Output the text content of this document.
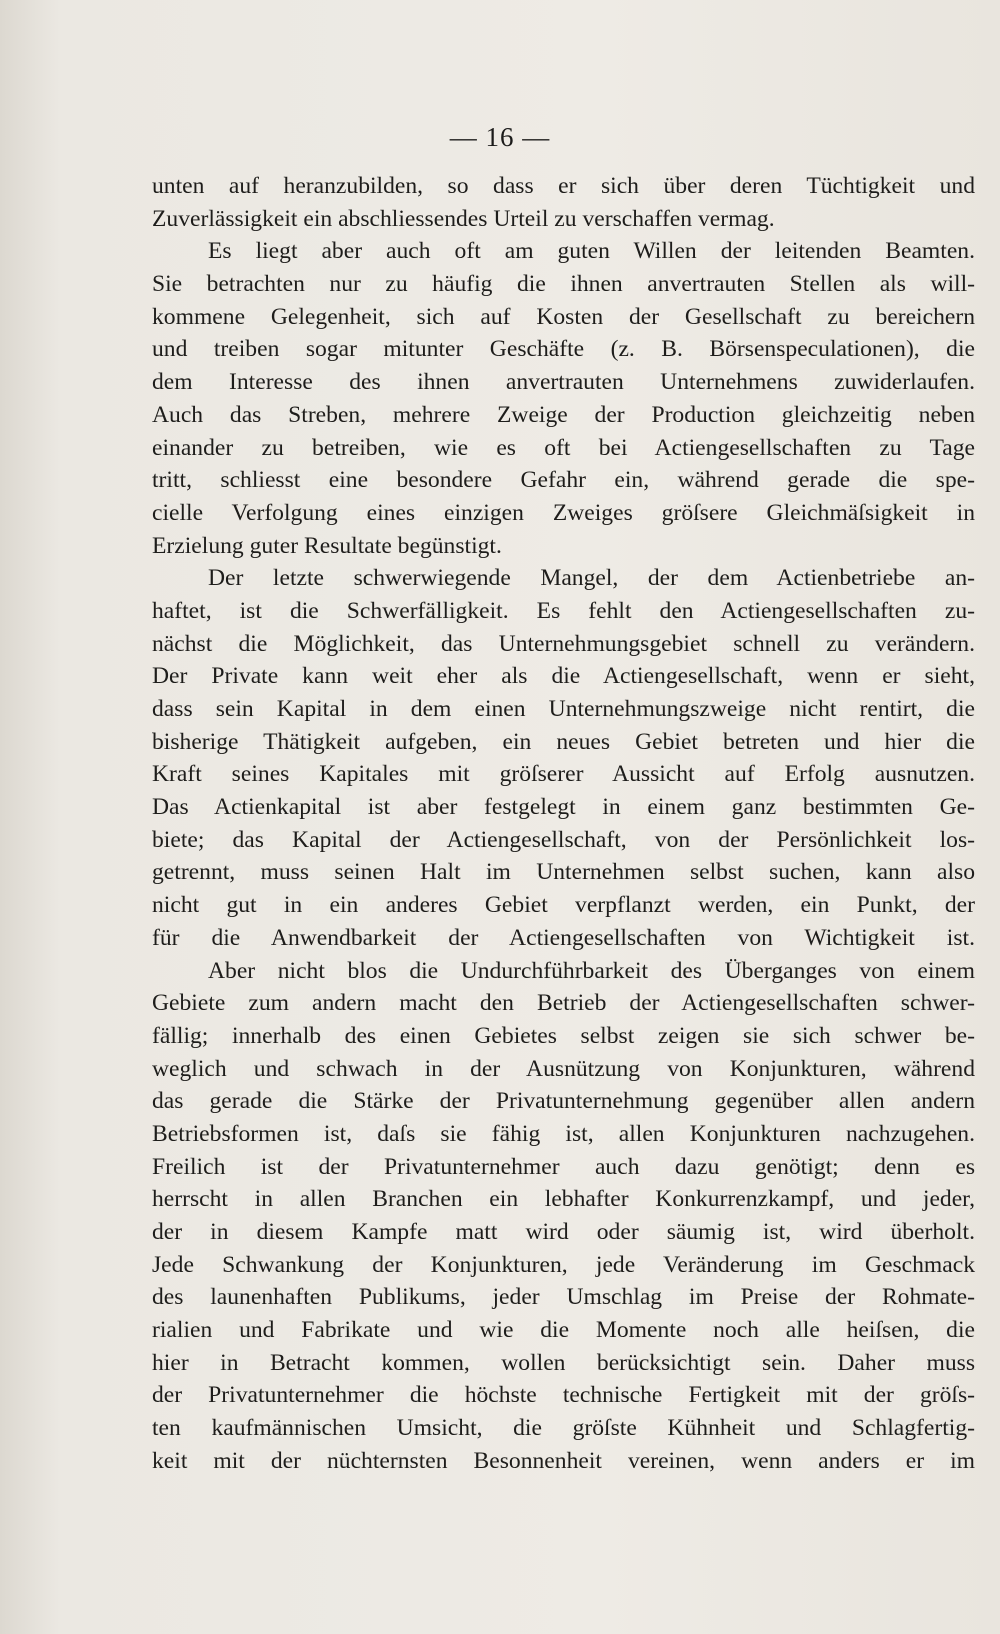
— 16 —
unten auf heranzubilden, so dass er sich über deren Tüchtigkeit und
Zuverlässigkeit ein abschliessendes Urteil zu verschaffen vermag.
Es liegt aber auch oft am guten Willen der leitenden Beamten.
Sie betrachten nur zu häufig die ihnen anvertrauten Stellen als will-
kommene Gelegenheit, sich auf Kosten der Gesellschaft zu bereichern
und treiben sogar mitunter Geschäfte (z. B. Börsenspeculationen), die
dem Interesse des ihnen anvertrauten Unternehmens zuwiderlaufen.
Auch das Streben, mehrere Zweige der Production gleichzeitig neben
einander zu betreiben, wie es oft bei Actiengesellschaften zu Tage
tritt, schliesst eine besondere Gefahr ein, während gerade die spe-
cielle Verfolgung eines einzigen Zweiges gröſsere Gleichmäſsigkeit in
Erzielung guter Resultate begünstigt.
Der letzte schwerwiegende Mangel, der dem Actienbetriebe an-
haftet, ist die Schwerfälligkeit. Es fehlt den Actiengesellschaften zu-
nächst die Möglichkeit, das Unternehmungsgebiet schnell zu verändern.
Der Private kann weit eher als die Actiengesellschaft, wenn er sieht,
dass sein Kapital in dem einen Unternehmungszweige nicht rentirt, die
bisherige Thätigkeit aufgeben, ein neues Gebiet betreten und hier die
Kraft seines Kapitales mit gröſserer Aussicht auf Erfolg ausnutzen.
Das Actienkapital ist aber festgelegt in einem ganz bestimmten Ge-
biete; das Kapital der Actiengesellschaft, von der Persönlichkeit los-
getrennt, muss seinen Halt im Unternehmen selbst suchen, kann also
nicht gut in ein anderes Gebiet verpflanzt werden, ein Punkt, der
für die Anwendbarkeit der Actiengesellschaften von Wichtigkeit ist.
Aber nicht blos die Undurchführbarkeit des Überganges von einem
Gebiete zum andern macht den Betrieb der Actiengesellschaften schwer-
fällig; innerhalb des einen Gebietes selbst zeigen sie sich schwer be-
weglich und schwach in der Ausnützung von Konjunkturen, während
das gerade die Stärke der Privatunternehmung gegenüber allen andern
Betriebsformen ist, daſs sie fähig ist, allen Konjunkturen nachzugehen.
Freilich ist der Privatunternehmer auch dazu genötigt; denn es
herrscht in allen Branchen ein lebhafter Konkurrenzkampf, und jeder,
der in diesem Kampfe matt wird oder säumig ist, wird überholt.
Jede Schwankung der Konjunkturen, jede Veränderung im Geschmack
des launenhaften Publikums, jeder Umschlag im Preise der Rohmate-
rialien und Fabrikate und wie die Momente noch alle heiſsen, die
hier in Betracht kommen, wollen berücksichtigt sein. Daher muss
der Privatunternehmer die höchste technische Fertigkeit mit der gröſs-
ten kaufmännischen Umsicht, die gröſste Kühnheit und Schlagfertig-
keit mit der nüchternsten Besonnenheit vereinen, wenn anders er im
